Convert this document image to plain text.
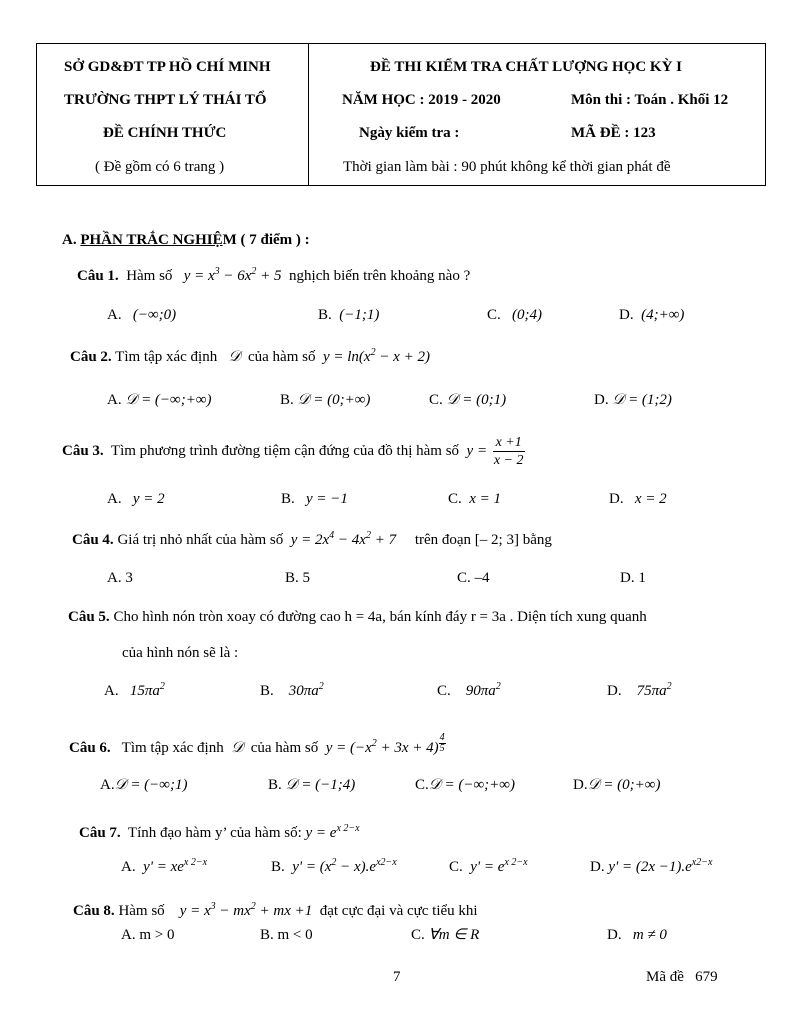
SỞ GD&ĐT TP HỒ CHÍ MINH
TRƯỜNG THPT LÝ THÁI TỔ
ĐỀ CHÍNH THỨC
( Đề gồm có 6 trang )
ĐỀ THI KIỂM TRA CHẤT LƯỢNG HỌC KỲ I
NĂM HỌC : 2019 - 2020	Môn thi : Toán . Khối 12
Ngày kiểm tra :	MÃ ĐỀ : 123
Thời gian làm bài : 90 phút không kể thời gian phát đề
A. PHẦN TRẮC NGHIỆM ( 7 điểm ) :
Câu 1. Hàm số $y = x^3 - 6x^2 + 5$ nghịch biến trên khoảng nào ?
A. (−∞;0)	B. (−1;1)	C. (0;4)	D. (4;+∞)
Câu 2. Tìm tập xác định 𝒟 của hàm số $y = \ln(x^2 - x + 2)$
A. 𝒟 = (−∞;+∞)	B. 𝒟 = (0;+∞)	C. 𝒟 = (0;1)	D. 𝒟 = (1;2)
Câu 3. Tìm phương trình đường tiệm cận đứng của đồ thị hàm số $y = \frac{x +1}{x - 2}$
A. y = 2	B. y = −1	C. x = 1	D. x = 2
Câu 4. Giá trị nhỏ nhất của hàm số $y = 2x^4 - 4x^2 + 7$ trên đoạn [– 2; 3] bằng
A. 3	B. 5	C. –4	D. 1
Câu 5. Cho hình nón tròn xoay có đường cao h = 4a, bán kính đáy r = 3a . Diện tích xung quanh
của hình nón sẽ là :
A. $15\pi a^2$	B. $30\pi a^2$	C. $90\pi a^2$	D. $75\pi a^2$
Câu 6. Tìm tập xác định 𝒟 của hàm số $y = (-x^2 + 3x + 4) \frac{4}{5}$
A.𝒟 = (−∞;1)	B. 𝒟 = (−1;4)	C.𝒟 = (−∞;+∞)	D.𝒟 = (0;+∞)
Câu 7. Tính đạo hàm y’ của hàm số: $y = e^{x 2-x}$
A. $y' = xe^{x 2-x}$	B. $y' = (x^2 - x).e^{x2-x}$	C. $y' = e^{x 2-x}$	D. $y' = (2x -1).e^{x2-x}$
Câu 8. Hàm số $y = x^3 - mx^2$ + mx +1 đạt cực đại và cực tiểu khi
A. m > 0	B. m < 0	C. ∀m ∈ R	D. m ≠ 0
7	Mã đề 679
